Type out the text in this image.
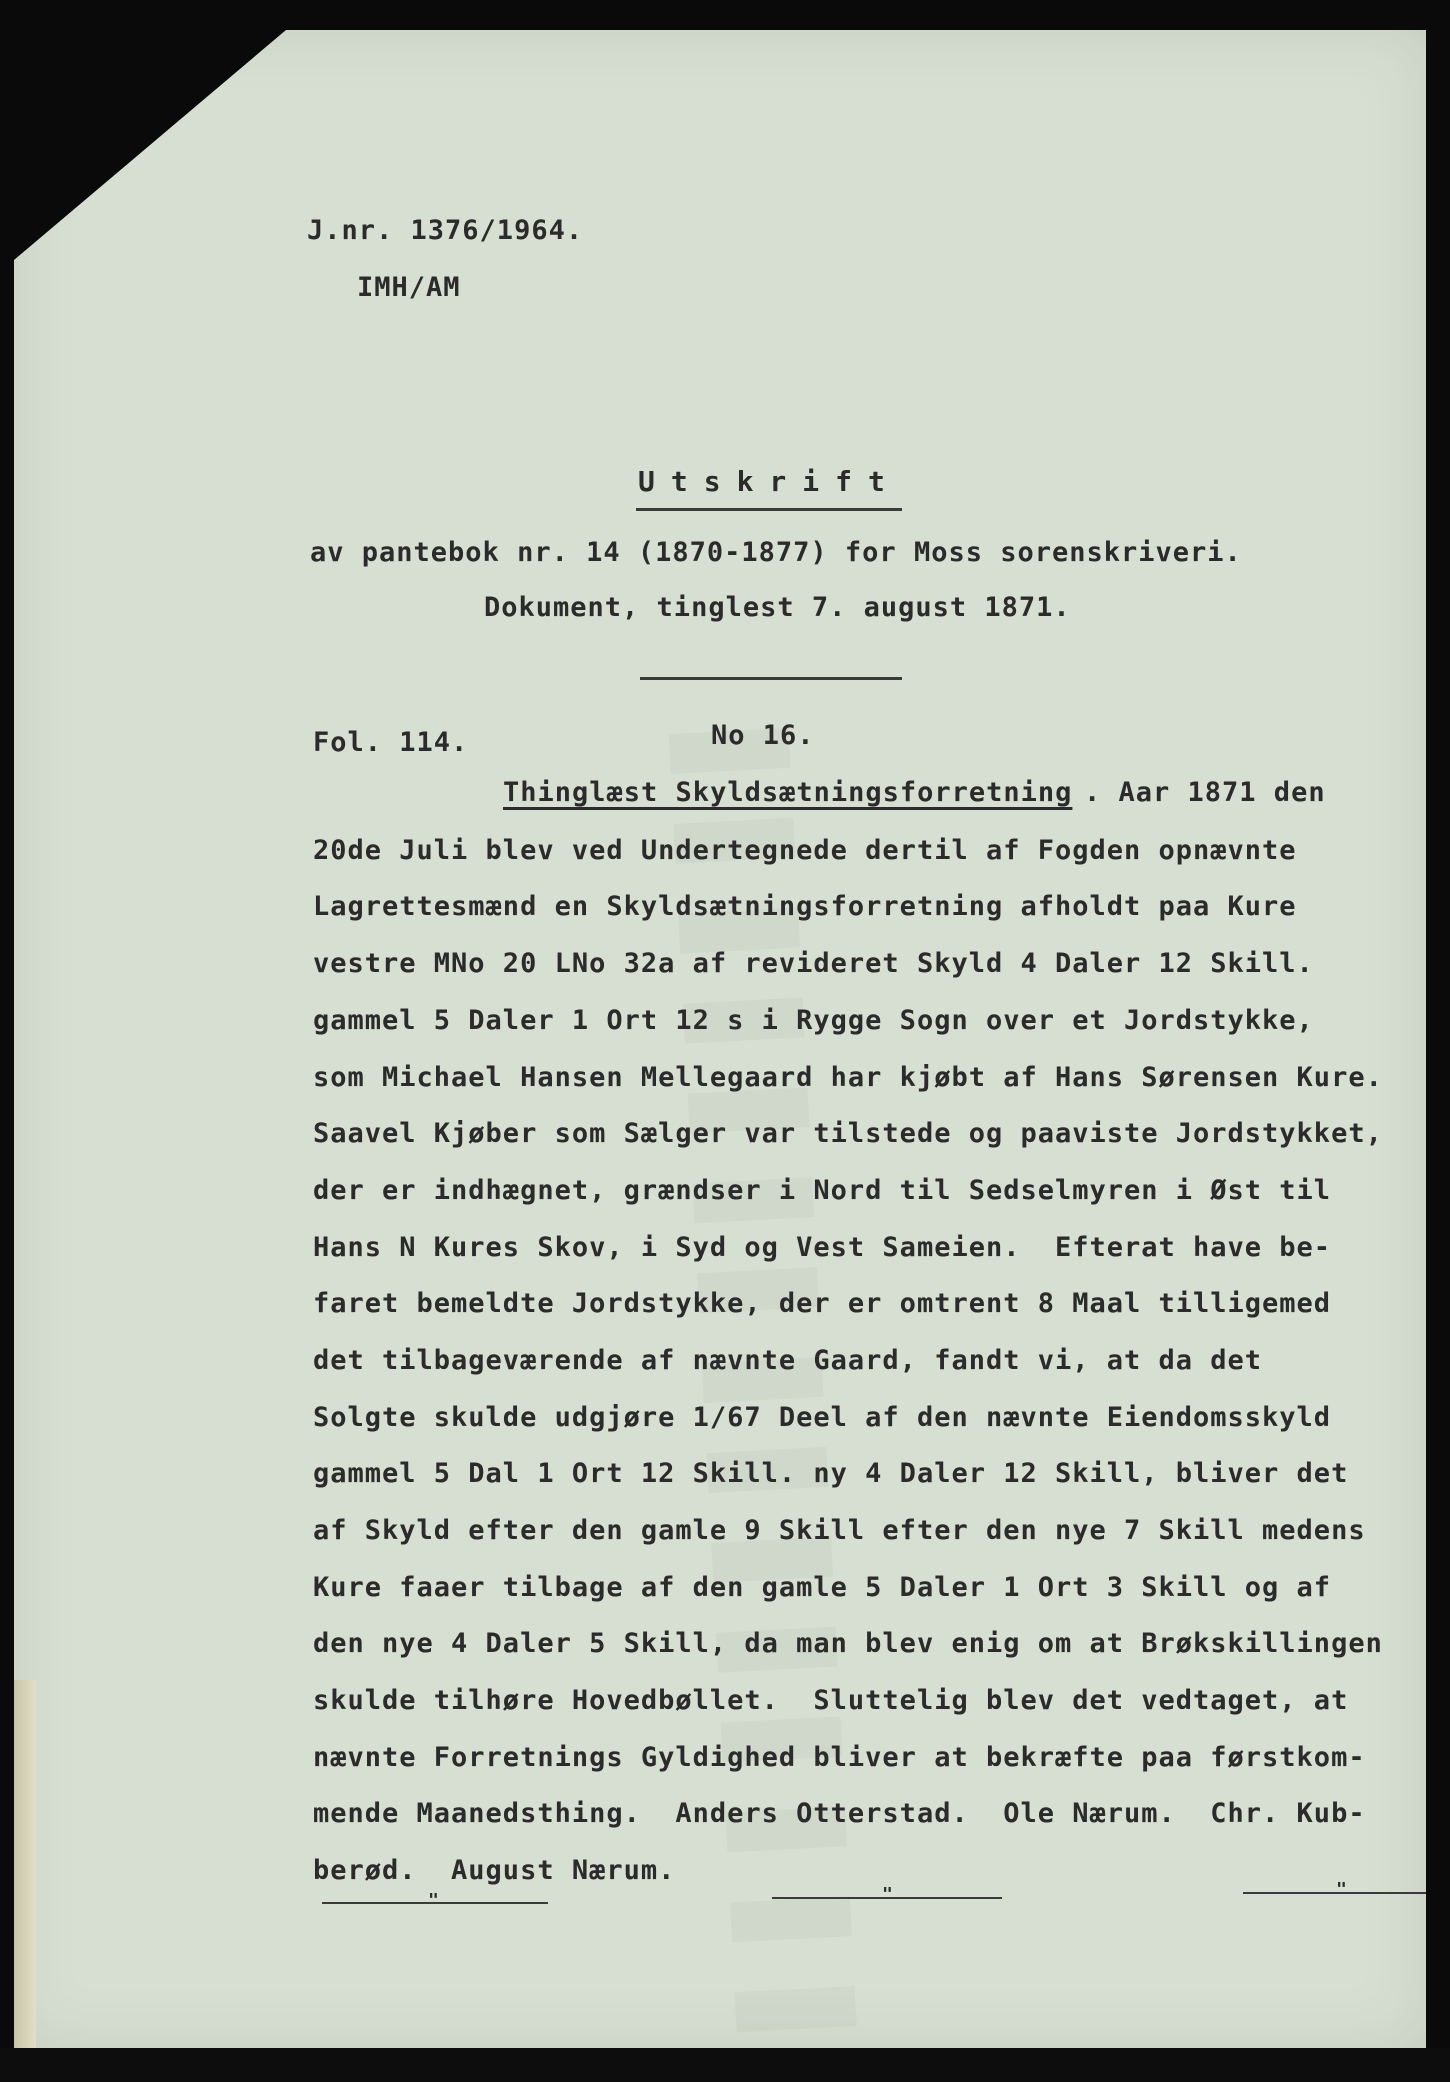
J.nr. 1376/1964.
IMH/AM
Utskrift
av pantebok nr. 14 (1870-1877) for Moss sorenskriveri.
Dokument, tinglest 7. august 1871.
Fol. 114.	No 16.
Thinglæst Skyldsætningsforretning . Aar 1871 den
20de Juli blev ved Undertegnede dertil af Fogden opnævnte
Lagrettesmænd en Skyldsætningsforretning afholdt paa Kure
vestre MNo 20 LNo 32a af revideret Skyld 4 Daler 12 Skill.
gammel 5 Daler 1 Ort 12 s i Rygge Sogn over et Jordstykke,
som Michael Hansen Mellegaard har kjøbt af Hans Sørensen Kure.
Saavel Kjøber som Sælger var tilstede og paaviste Jordstykket,
der er indhægnet, grændser i Nord til Sedselmyren i Øst til
Hans N Kures Skov, i Syd og Vest Sameien.  Efterat have be-
faret bemeldte Jordstykke, der er omtrent 8 Maal tilligemed
det tilbageværende af nævnte Gaard, fandt vi, at da det
Solgte skulde udgjøre 1/67 Deel af den nævnte Eiendomsskyld
gammel 5 Dal 1 Ort 12 Skill. ny 4 Daler 12 Skill, bliver det
af Skyld efter den gamle 9 Skill efter den nye 7 Skill medens
Kure faaer tilbage af den gamle 5 Daler 1 Ort 3 Skill og af
den nye 4 Daler 5 Skill, da man blev enig om at Brøkskillingen
skulde tilhøre Hovedbøllet.  Sluttelig blev det vedtaget, at
nævnte Forretnings Gyldighed bliver at bekræfte paa førstkom-
mende Maanedsthing.  Anders Otterstad.  Ole Nærum.  Chr. Kub-
berød.  August Nærum.
"	"	"
